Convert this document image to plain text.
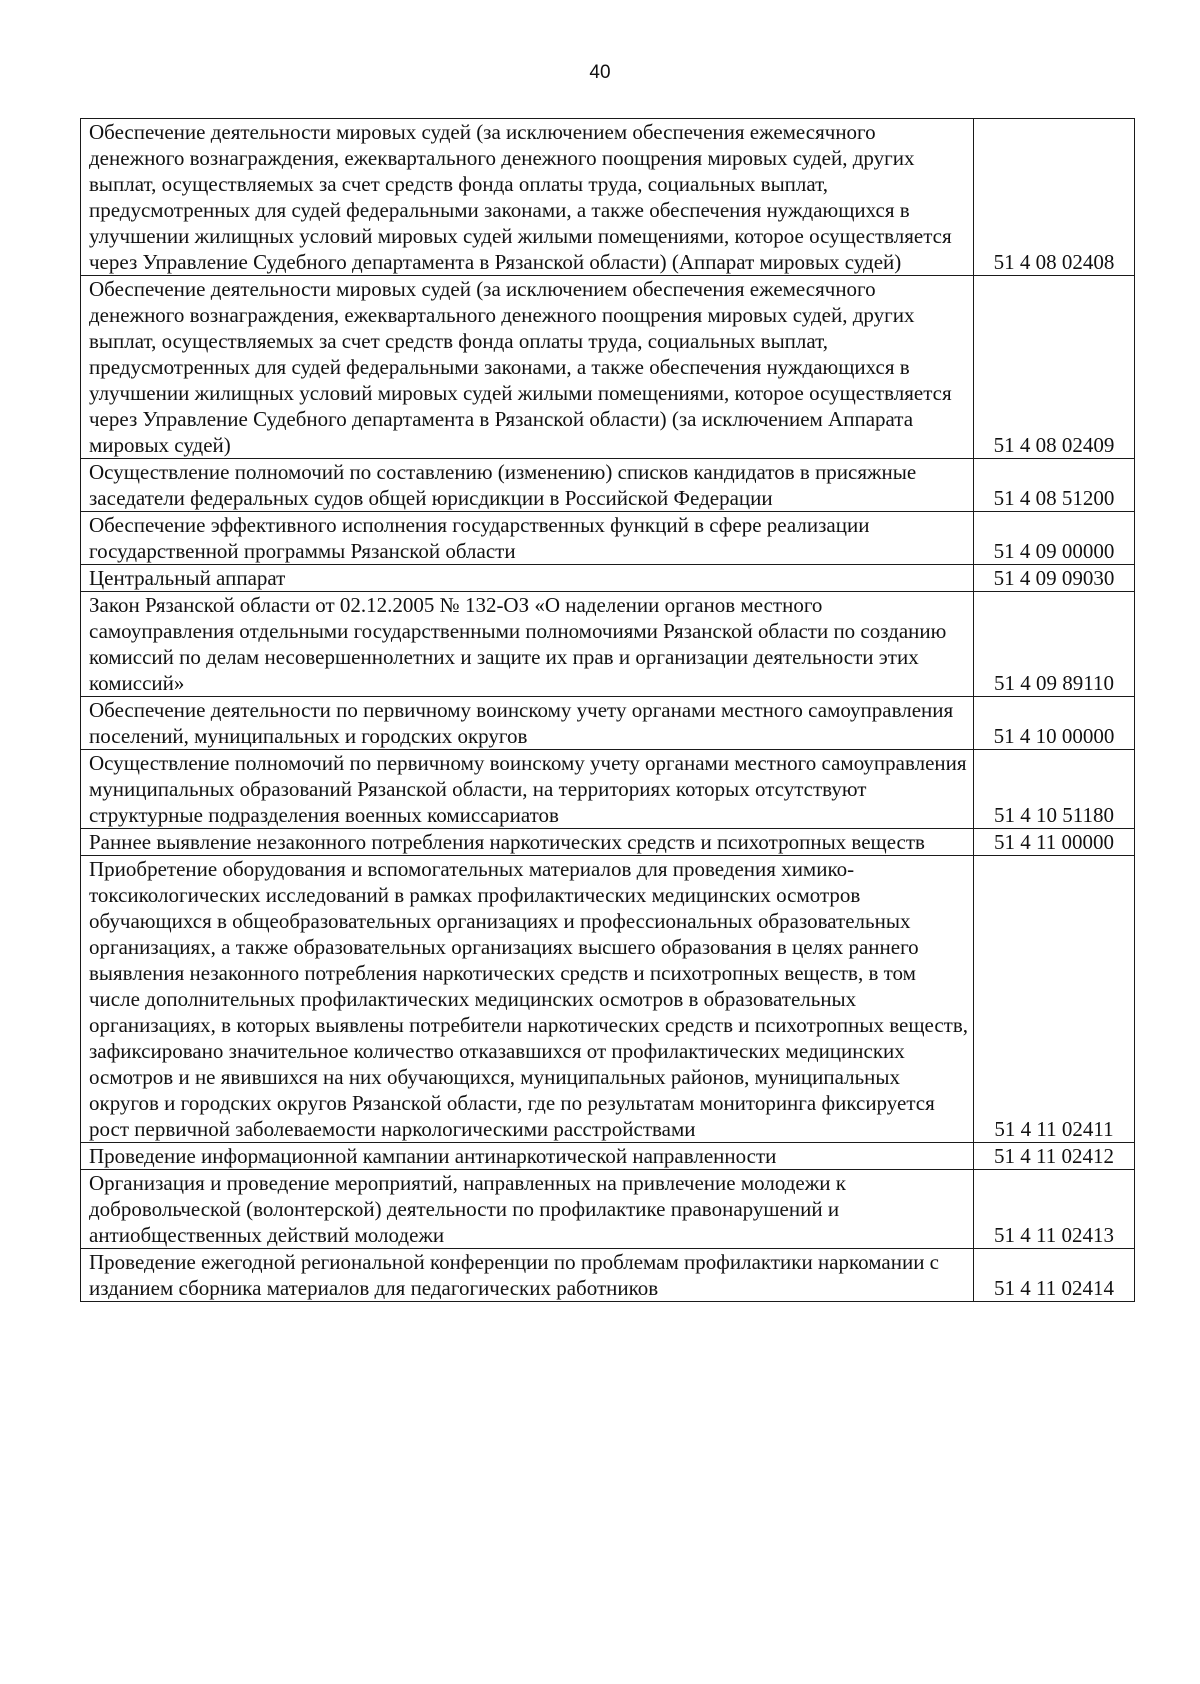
40
Обеспечение деятельности мировых судей (за исключением обеспечения ежемесячного денежного вознаграждения, ежеквартального денежного поощрения мировых судей, других выплат, осуществляемых за счет средств фонда оплаты труда, социальных выплат, предусмотренных для судей федеральными законами, а также обеспечения нуждающихся в улучшении жилищных условий мировых судей жилыми помещениями, которое осуществляется через Управление Судебного департамента в Рязанской области) (Аппарат мировых судей)	51 4 08 02408
Обеспечение деятельности мировых судей (за исключением обеспечения ежемесячного денежного вознаграждения, ежеквартального денежного поощрения мировых судей, других выплат, осуществляемых за счет средств фонда оплаты труда, социальных выплат, предусмотренных для судей федеральными законами, а также обеспечения нуждающихся в улучшении жилищных условий мировых судей жилыми помещениями, которое осуществляется через Управление Судебного департамента в Рязанской области) (за исключением Аппарата мировых судей)	51 4 08 02409
Осуществление полномочий по составлению (изменению) списков кандидатов в присяжные заседатели федеральных судов общей юрисдикции в Российской Федерации	51 4 08 51200
Обеспечение эффективного исполнения государственных функций в сфере реализации государственной программы Рязанской области	51 4 09 00000
Центральный аппарат	51 4 09 09030
Закон Рязанской области от 02.12.2005 № 132-ОЗ «О наделении органов местного самоуправления отдельными государственными полномочиями Рязанской области по созданию комиссий по делам несовершеннолетних и защите их прав и организации деятельности этих комиссий»	51 4 09 89110
Обеспечение деятельности по первичному воинскому учету органами местного самоуправления поселений, муниципальных и городских округов	51 4 10 00000
Осуществление полномочий по первичному воинскому учету органами местного самоуправления муниципальных образований Рязанской области, на территориях которых отсутствуют структурные подразделения военных комиссариатов	51 4 10 51180
Раннее выявление незаконного потребления наркотических средств и психотропных веществ	51 4 11 00000
Приобретение оборудования и вспомогательных материалов для проведения химико-токсикологических исследований в рамках профилактических медицинских осмотров обучающихся в общеобразовательных организациях и профессиональных образовательных организациях, а также образовательных организациях высшего образования в целях раннего выявления незаконного потребления наркотических средств и психотропных веществ, в том числе дополнительных профилактических медицинских осмотров в образовательных организациях, в которых выявлены потребители наркотических средств и психотропных веществ, зафиксировано значительное количество отказавшихся от профилактических медицинских осмотров и не явившихся на них обучающихся, муниципальных районов, муниципальных округов и городских округов Рязанской области, где по результатам мониторинга фиксируется рост первичной заболеваемости наркологическими расстройствами	51 4 11 02411
Проведение информационной кампании антинаркотической направленности	51 4 11 02412
Организация и проведение мероприятий, направленных на привлечение молодежи к добровольческой (волонтерской) деятельности по профилактике правонарушений и антиобщественных действий молодежи	51 4 11 02413
Проведение ежегодной региональной конференции по проблемам профилактики наркомании с изданием сборника материалов для педагогических работников	51 4 11 02414
